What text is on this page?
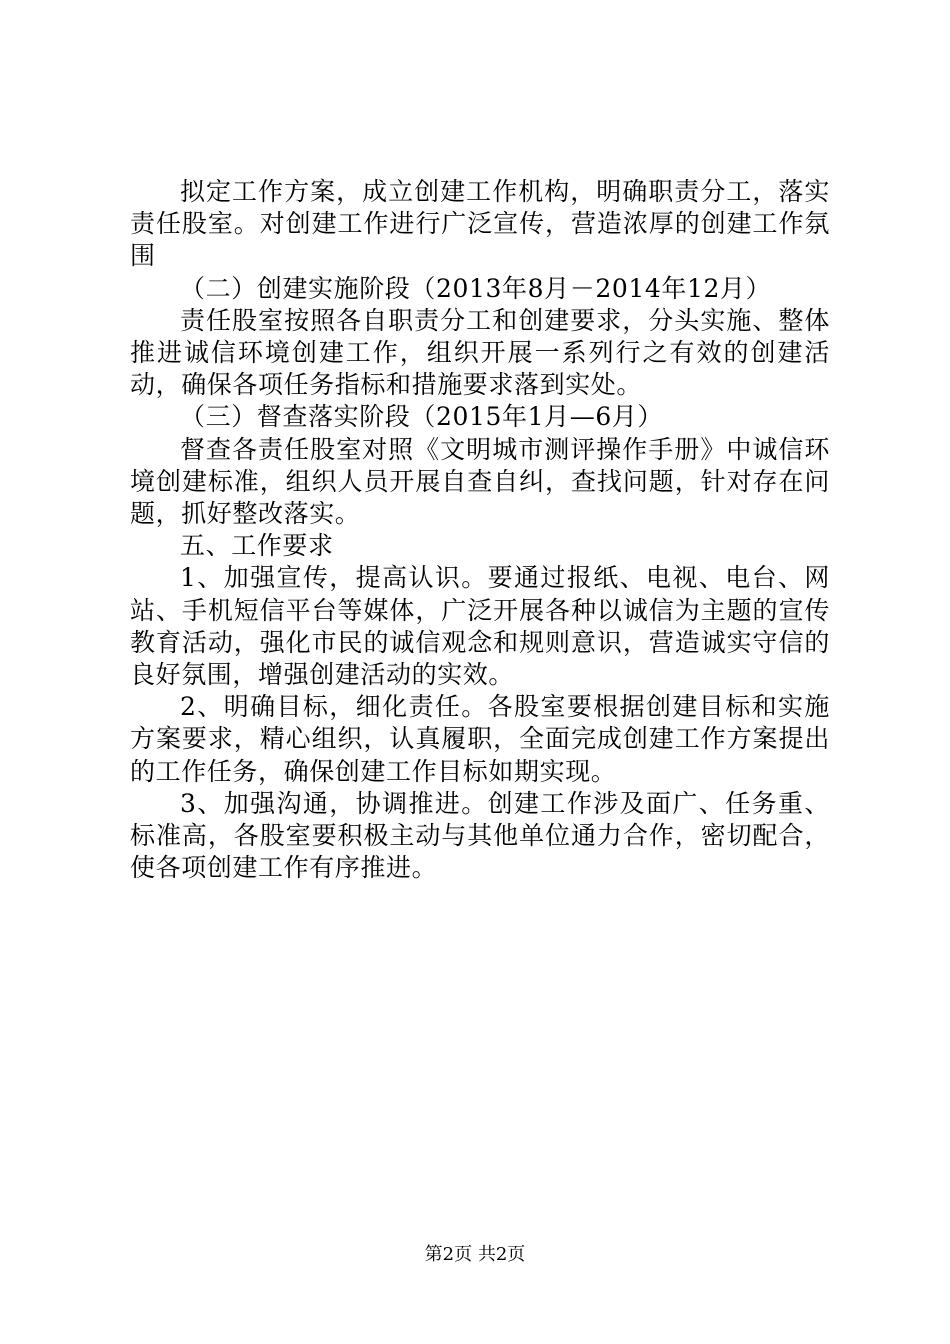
拟定工作方案，成立创建工作机构，明确职责分工，落实责任股室。对创建工作进行广泛宣传，营造浓厚的创建工作氛围

（二）创建实施阶段（2013年8月－2014年12月）

责任股室按照各自职责分工和创建要求，分头实施、整体推进诚信环境创建工作，组织开展一系列行之有效的创建活动，确保各项任务指标和措施要求落到实处。

（三）督查落实阶段（2015年1月—6月）

督查各责任股室对照《文明城市测评操作手册》中诚信环境创建标准，组织人员开展自查自纠，查找问题，针对存在问题，抓好整改落实。

五、工作要求

1、加强宣传，提高认识。要通过报纸、电视、电台、网站、手机短信平台等媒体，广泛开展各种以诚信为主题的宣传教育活动，强化市民的诚信观念和规则意识，营造诚实守信的良好氛围，增强创建活动的实效。

2、明确目标，细化责任。各股室要根据创建目标和实施方案要求，精心组织，认真履职，全面完成创建工作方案提出的工作任务，确保创建工作目标如期实现。

3、加强沟通，协调推进。创建工作涉及面广、任务重、标准高，各股室要积极主动与其他单位通力合作，密切配合，使各项创建工作有序推进。

第2页 共2页
